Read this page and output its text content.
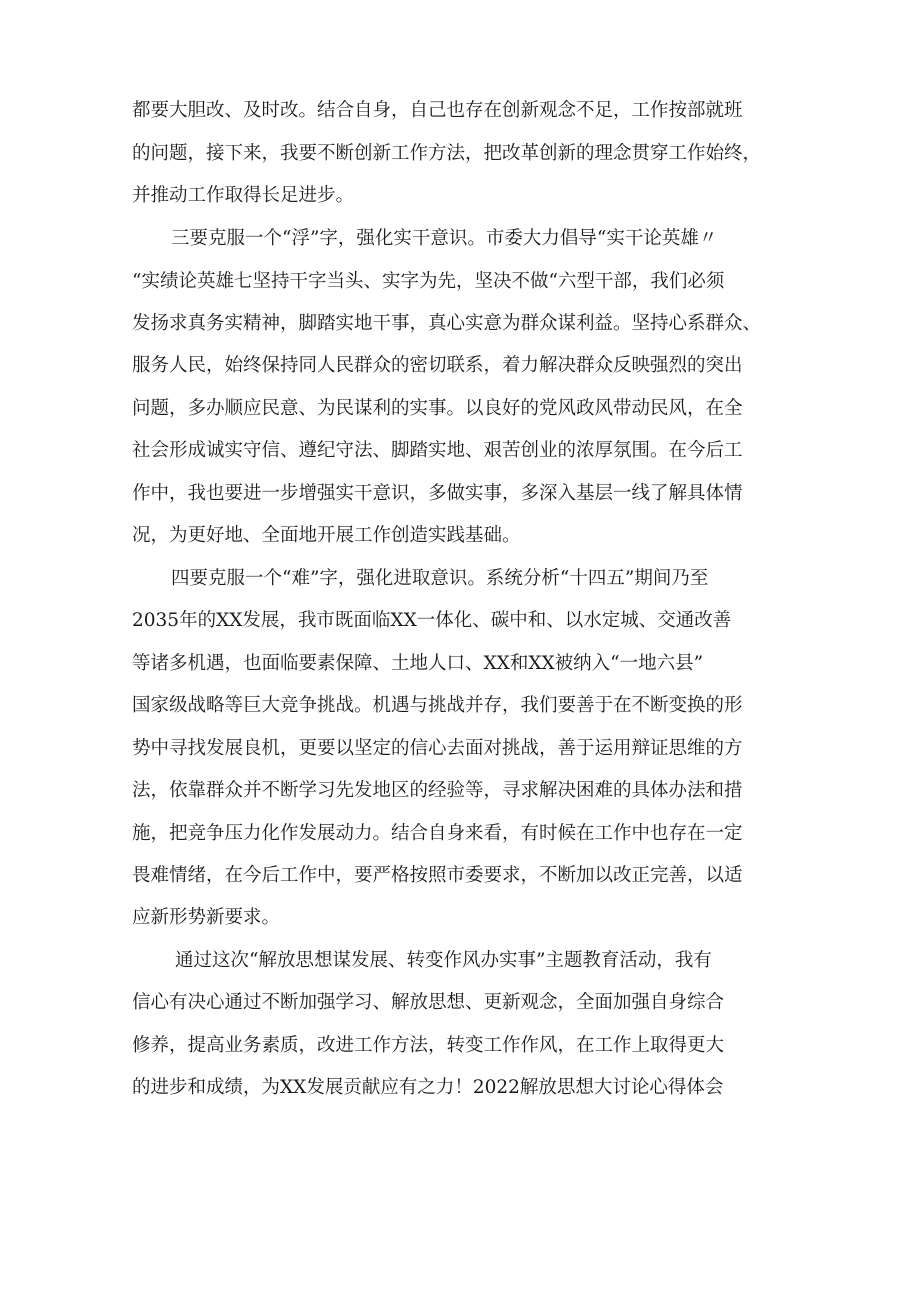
都要大胆改、及时改。结合自身，自己也存在创新观念不足，工作按部就班
的问题，接下来，我要不断创新工作方法，把改革创新的理念贯穿工作始终，
并推动工作取得长足进步。
三要克服一个“浮”字，强化实干意识。市委大力倡导“实干论英雄〃
“实绩论英雄七坚持干字当头、实字为先，坚决不做“六型干部，我们必须
发扬求真务实精神，脚踏实地干事，真心实意为群众谋利益。坚持心系群众、
服务人民，始终保持同人民群众的密切联系，着力解决群众反映强烈的突出
问题，多办顺应民意、为民谋利的实事。以良好的党风政风带动民风，在全
社会形成诚实守信、遵纪守法、脚踏实地、艰苦创业的浓厚氛围。在今后工
作中，我也要进一步增强实干意识，多做实事，多深入基层一线了解具体情
况，为更好地、全面地开展工作创造实践基础。
四要克服一个“难”字，强化进取意识。系统分析“十四五”期间乃至
2035年的XX发展，我市既面临XX一体化、碳中和、以水定城、交通改善
等诸多机遇，也面临要素保障、土地人口、XX和XX被纳入“一地六县”
国家级战略等巨大竞争挑战。机遇与挑战并存，我们要善于在不断变换的形
势中寻找发展良机，更要以坚定的信心去面对挑战，善于运用辩证思维的方
法，依靠群众并不断学习先发地区的经验等，寻求解决困难的具体办法和措
施，把竞争压力化作发展动力。结合自身来看，有时候在工作中也存在一定
畏难情绪，在今后工作中，要严格按照市委要求，不断加以改正完善，以适
应新形势新要求。
通过这次“解放思想谋发展、转变作风办实事”主题教育活动，我有
信心有决心通过不断加强学习、解放思想、更新观念，全面加强自身综合
修养，提高业务素质，改进工作方法，转变工作作风，在工作上取得更大
的进步和成绩，为XX发展贡献应有之力！2022解放思想大讨论心得体会
